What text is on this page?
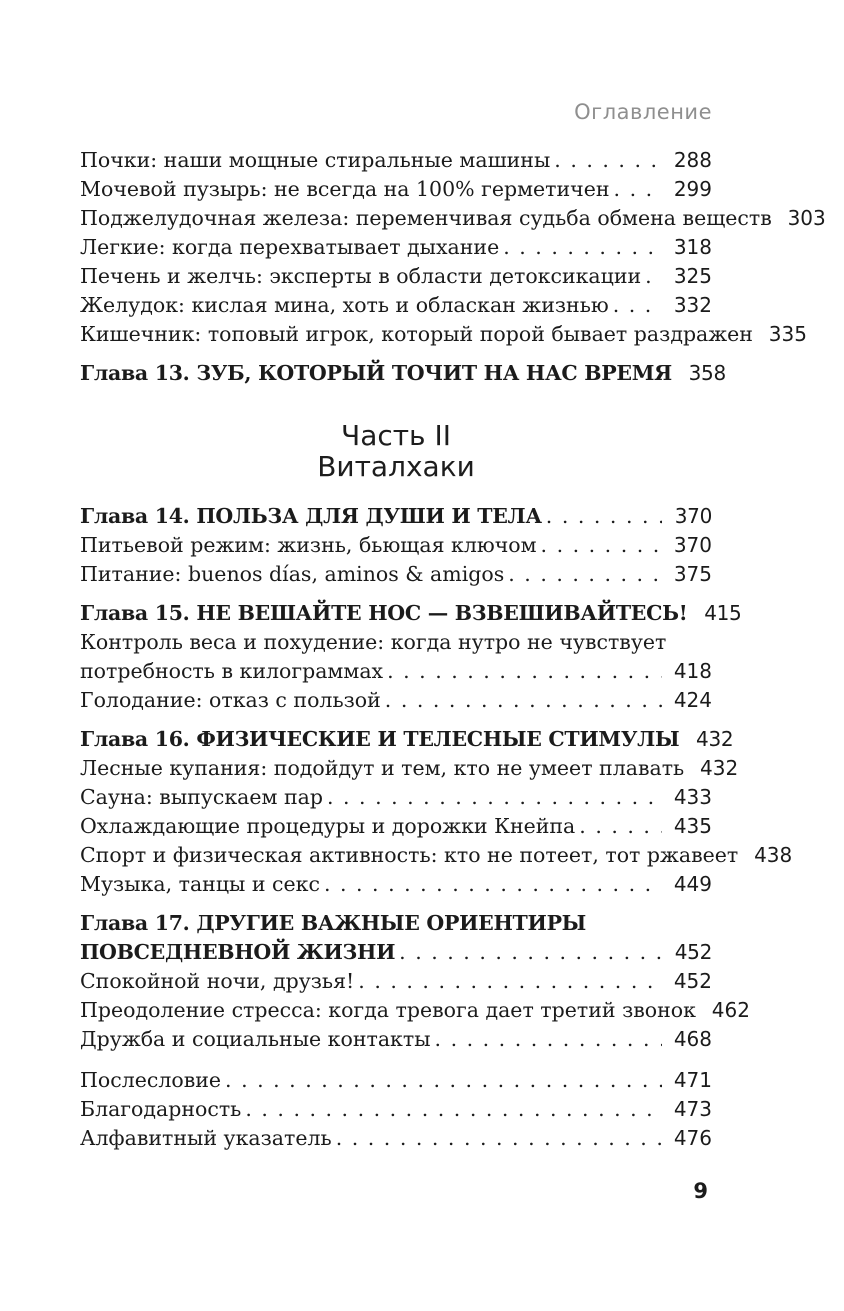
Оглавление
Почки: наши мощные стиральные машины . . .	288
Мочевой пузырь: не всегда на 100% герметичен . . .	299
Поджелудочная железа: переменчивая судьба обмена веществ 303
Легкие: когда перехватывает дыхание . . .	318
Печень и желчь: эксперты в области детоксикации . . .	325
Желудок: кислая мина, хоть и обласкан жизнью . . .	332
Кишечник: топовый игрок, который порой бывает раздражен 335
Глава 13. ЗУБ, КОТОРЫЙ ТОЧИТ НА НАС ВРЕМЯ 358
Часть II
Виталхаки
Глава 14. ПОЛЬЗА ДЛЯ ДУШИ И ТЕЛА . . .	370
Питьевой режим: жизнь, бьющая ключом . . .	370
Питание: buenos días, aminos & amigos . . .	375
Глава 15. НЕ ВЕШАЙТЕ НОС — ВЗВЕШИВАЙТЕСЬ! 415
Контроль веса и похудение: когда нутро не чувствует
потребность в килограммах . . .	418
Голодание: отказ с пользой . . .	424
Глава 16. ФИЗИЧЕСКИЕ И ТЕЛЕСНЫЕ СТИМУЛЫ 432
Лесные купания: подойдут и тем, кто не умеет плавать 432
Сауна: выпускаем пар . . .	433
Охлаждающие процедуры и дорожки Кнейпа . . .	435
Спорт и физическая активность: кто не потеет, тот ржавеет 438
Музыка, танцы и секс . . .	449
Глава 17. ДРУГИЕ ВАЖНЫЕ ОРИЕНТИРЫ
ПОВСЕДНЕВНОЙ ЖИЗНИ . . .	452
Спокойной ночи, друзья! . . .	452
Преодоление стресса: когда тревога дает третий звонок 462
Дружба и социальные контакты . . .	468
Послесловие . . .	471
Благодарность . . .	473
Алфавитный указатель . . .	476
9
